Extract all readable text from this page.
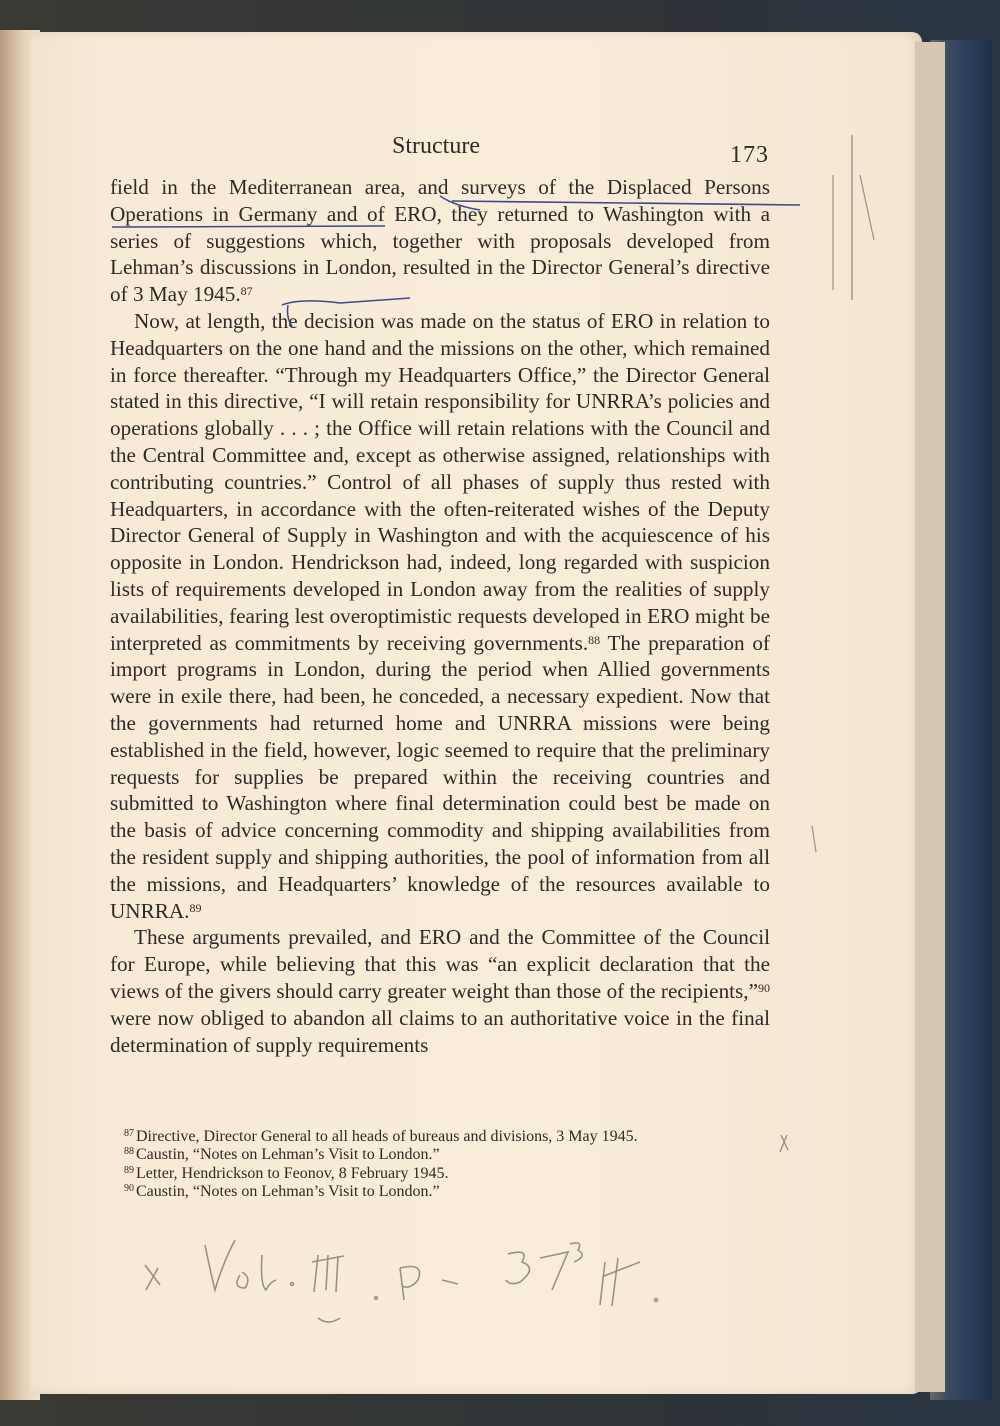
Structure	173

field in the Mediterranean area, and surveys of the Displaced Persons Operations in Germany and of ERO, they returned to Washington with a series of suggestions which, together with proposals developed from Lehman’s discussions in London, resulted in the Director General’s directive of 3 May 1945.87

Now, at length, the decision was made on the status of ERO in relation to Headquarters on the one hand and the missions on the other, which remained in force thereafter. “Through my Headquarters Office,” the Director General stated in this directive, “I will retain responsibility for UNRRA’s policies and operations globally . . . ; the Office will retain relations with the Council and the Central Committee and, except as otherwise assigned, relationships with contributing countries.” Control of all phases of supply thus rested with Headquarters, in accordance with the often-reiterated wishes of the Deputy Director General of Supply in Washington and with the acquiescence of his opposite in London. Hendrickson had, indeed, long regarded with suspicion lists of requirements developed in London away from the realities of supply availabilities, fearing lest overoptimistic requests developed in ERO might be interpreted as commitments by receiving governments.$^{88}$ The preparation of import programs in London, during the period when Allied governments were in exile there, had been, he conceded, a necessary expedient. Now that the governments had returned home and UNRRA missions were being established in the field, however, logic seemed to require that the preliminary requests for supplies be prepared within the receiving countries and submitted to Washington where final determination could best be made on the basis of advice concerning commodity and shipping availabilities from the resident supply and shipping authorities, the pool of information from all the missions, and Headquarters’ knowledge of the resources available to UNRRA.$^{89}$

These arguments prevailed, and ERO and the Committee of the Council for Europe, while believing that this was “an explicit declaration that the views of the givers should carry greater weight than those of the recipients,”$^{90}$ were now obliged to abandon all claims to an authoritative voice in the final determination of supply requirements

$^{87}$ Directive, Director General to all heads of bureaus and divisions, 3 May 1945.
$^{88}$ Caustin, “Notes on Lehman’s Visit to London.”
$^{89}$ Letter, Hendrickson to Feonov, 8 February 1945.
$^{90}$ Caustin, “Notes on Lehman’s Visit to London.”
